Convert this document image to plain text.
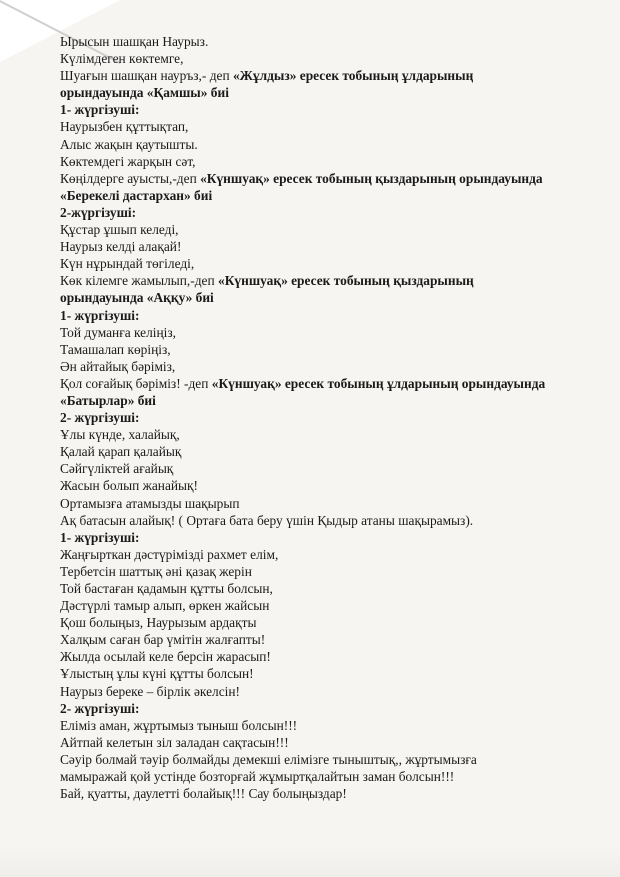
Ырысын шашқан Наурыз.
Күлімдеген көктемге,
Шуағын шашқан науръз,- деп «Жұлдыз» ересек тобының ұлдарының
орындауында «Қамшы» биі
1- жүргізуші:
Наурызбен құттықтап,
Алыс жақын қаутышты.
Көктемдегі жарқын сәт,
Көңілдерге ауысты,-деп «Күншуақ» ересек тобының қыздарының орындауында
«Берекелі дастархан» биі
2-жүргізуші:
Құстар ұшып келеді,
Наурыз келді алақай!
Күн нұрындай төгіледі,
Көк кілемге жамылып,-деп «Күншуақ» ересек тобының қыздарының
орындауында «Аққу» биі
1- жүргізуші:
Той думанға келіңіз,
Тамашалап көріңіз,
Ән айтайық бәріміз,
Қол соғайық бәріміз! -деп «Күншуақ» ересек тобының ұлдарының орындауында
«Батырлар» биі
2- жүргізуші:
Ұлы күнде, халайық,
Қалай қарап қалайық
Сәйгүліктей ағайық
Жасын болып жанайық!
Ортамызға атамызды шақырып
Ақ батасын алайық! ( Ортаға бата беру үшін Қыдыр атаны шақырамыз).
1- жүргізуші:
Жаңғырткан дәстүрімізді рахмет елім,
Тербетсін шаттық әні қазақ жерін
Той бастаған қадамын құтты болсын,
Дәстүрлі тамыр алып, өркен жайсын
Қош болыңыз, Наурызым ардақты
Халқым саған бар үмітін жалғапты!
Жылда осылай келе берсін жарасып!
Ұлыстың ұлы күні құтты болсын!
Наурыз береке – бірлік әкелсін!
2- жүргізуші:
Еліміз аман, жұртымыз тыныш болсын!!!
Айтпай келетын зіл заладан сақтасын!!!
Сәуір болмай тәуір болмайды демекші елімізге тыныштық,, жұртымызға
мамыражай қой устінде бозторғай жұмыртқалайтын заман болсын!!!
Бай, қуатты, даулетті болайық!!! Сау болыңыздар!
